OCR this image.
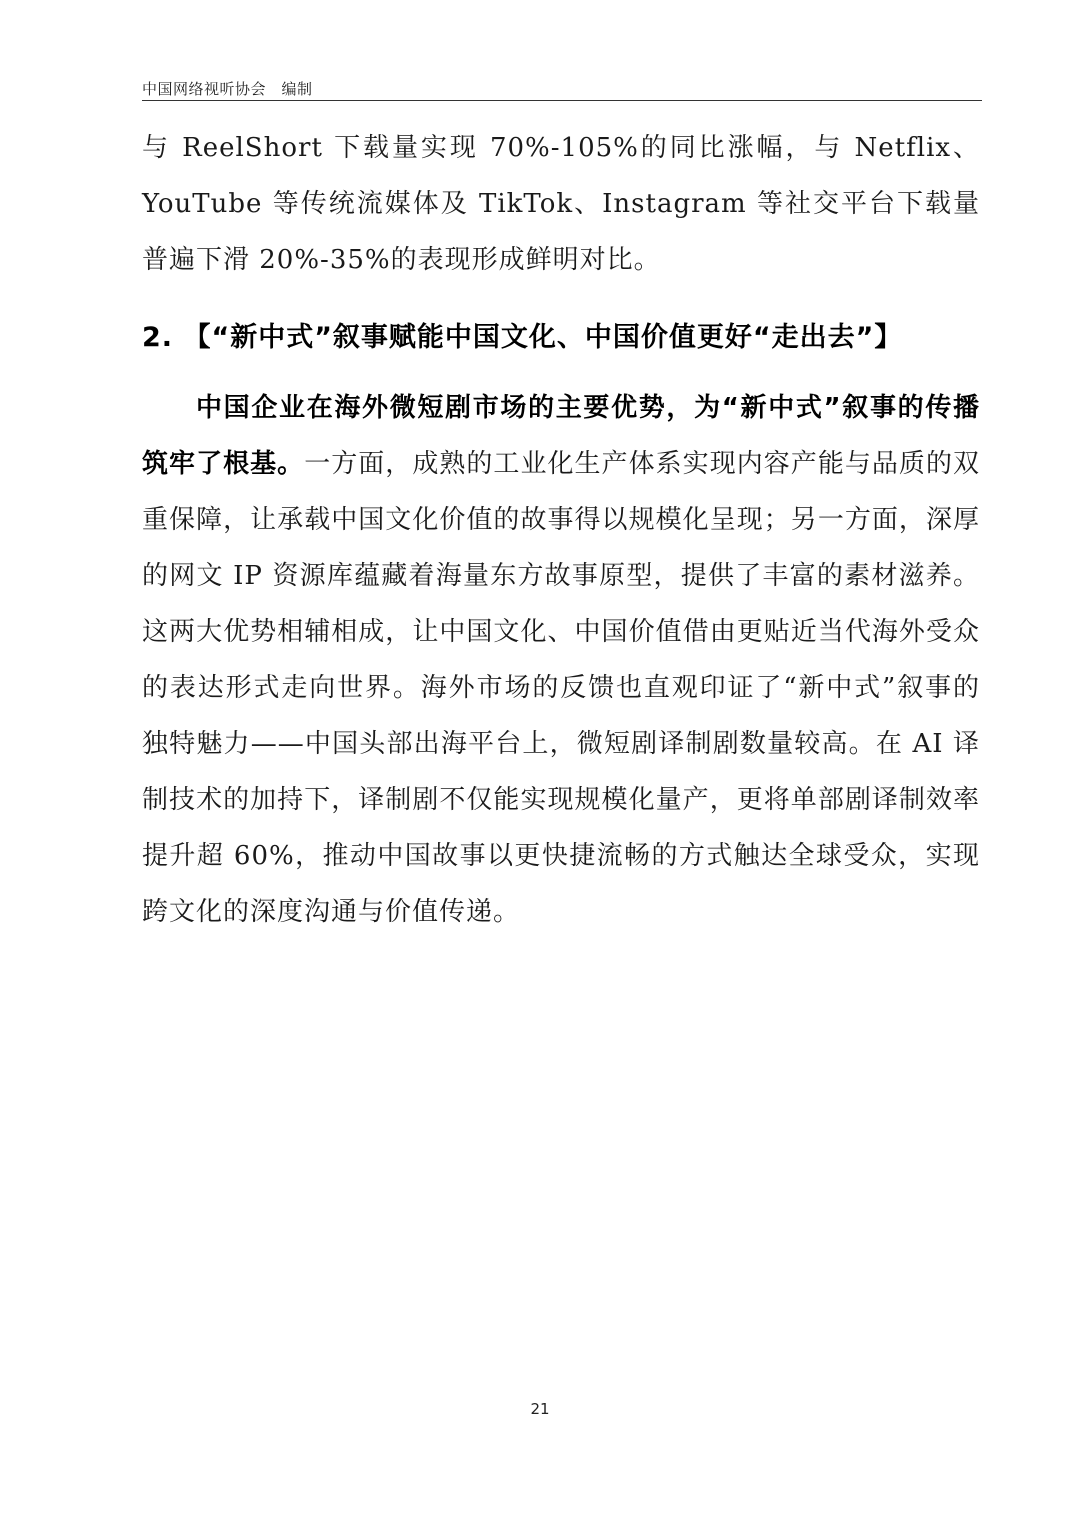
中国网络视听协会　编制

与 ReelShort 下载量实现 70%-105%的同比涨幅，与 Netflix、YouTube 等传统流媒体及 TikTok、Instagram 等社交平台下载量普遍下滑 20%-35%的表现形成鲜明对比。

2. 【“新中式”叙事赋能中国文化、中国价值更好“走出去”】

中国企业在海外微短剧市场的主要优势，为“新中式”叙事的传播筑牢了根基。一方面，成熟的工业化生产体系实现内容产能与品质的双重保障，让承载中国文化价值的故事得以规模化呈现；另一方面，深厚的网文 IP 资源库蕴藏着海量东方故事原型，提供了丰富的素材滋养。这两大优势相辅相成，让中国文化、中国价值借由更贴近当代海外受众的表达形式走向世界。海外市场的反馈也直观印证了“新中式”叙事的独特魅力——中国头部出海平台上，微短剧译制剧数量较高。在 AI 译制技术的加持下，译制剧不仅能实现规模化量产，更将单部剧译制效率提升超 60%，推动中国故事以更快捷流畅的方式触达全球受众，实现跨文化的深度沟通与价值传递。

21
